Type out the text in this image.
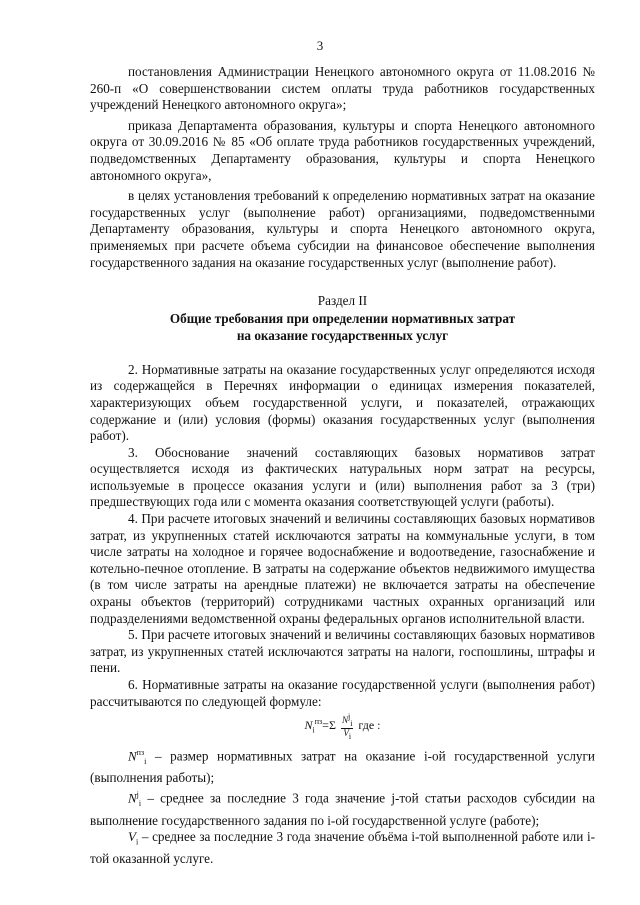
3

постановления Администрации Ненецкого автономного округа от 11.08.2016 № 260-п «О совершенствовании систем оплаты труда работников государственных учреждений Ненецкого автономного округа»;

приказа Департамента образования, культуры и спорта Ненецкого автономного округа от 30.09.2016 № 85 «Об оплате труда работников государственных учреждений, подведомственных Департаменту образования, культуры и спорта Ненецкого автономного округа»,

в целях установления требований к определению нормативных затрат на оказание государственных услуг (выполнение работ) организациями, подведомственными Департаменту образования, культуры и спорта Ненецкого автономного округа, применяемых при расчете объема субсидии на финансовое обеспечение выполнения государственного задания на оказание государственных услуг (выполнение работ).

Раздел II
Общие требования при определении нормативных затрат
на оказание государственных услуг

2. Нормативные затраты на оказание государственных услуг определяются исходя из содержащейся в Перечнях информации о единицах измерения показателей, характеризующих объем государственной услуги, и показателей, отражающих содержание и (или) условия (формы) оказания государственных услуг (выполнения работ).

3. Обоснование значений составляющих базовых нормативов затрат осуществляется исходя из фактических натуральных норм затрат на ресурсы, используемые в процессе оказания услуги и (или) выполнения работ за 3 (три) предшествующих года или с момента оказания соответствующей услуги (работы).

4. При расчете итоговых значений и величины составляющих базовых нормативов затрат, из укрупненных статей исключаются затраты на коммунальные услуги, в том числе затраты на холодное и горячее водоснабжение и водоотведение, газоснабжение и котельно-печное отопление. В затраты на содержание объектов недвижимого имущества (в том числе затраты на арендные платежи) не включается затраты на обеспечение охраны объектов (территорий) сотрудниками частных охранных организаций или подразделениями ведомственной охраны федеральных органов исполнительной власти.

5. При расчете итоговых значений и величины составляющих базовых нормативов затрат, из укрупненных статей исключаются затраты на налоги, госпошлины, штрафы и пени.

6. Нормативные затраты на оказание государственной услуги (выполнения работ) рассчитываются по следующей формуле:

$N_i^{пз}=\Sigma \frac{N^j_i}{V_i}$ где :

$N^{пз}_i$ – размер нормативных затрат на оказание i-ой государственной услуги (выполнения работы);

$N^j_i$ – среднее за последние 3 года значение j-той статьи расходов субсидии на выполнение государственного задания по i-ой государственной услуге (работе);

$V_i$ – среднее за последние 3 года значение объёма i-той выполненной работе или i-той оказанной услуге.
